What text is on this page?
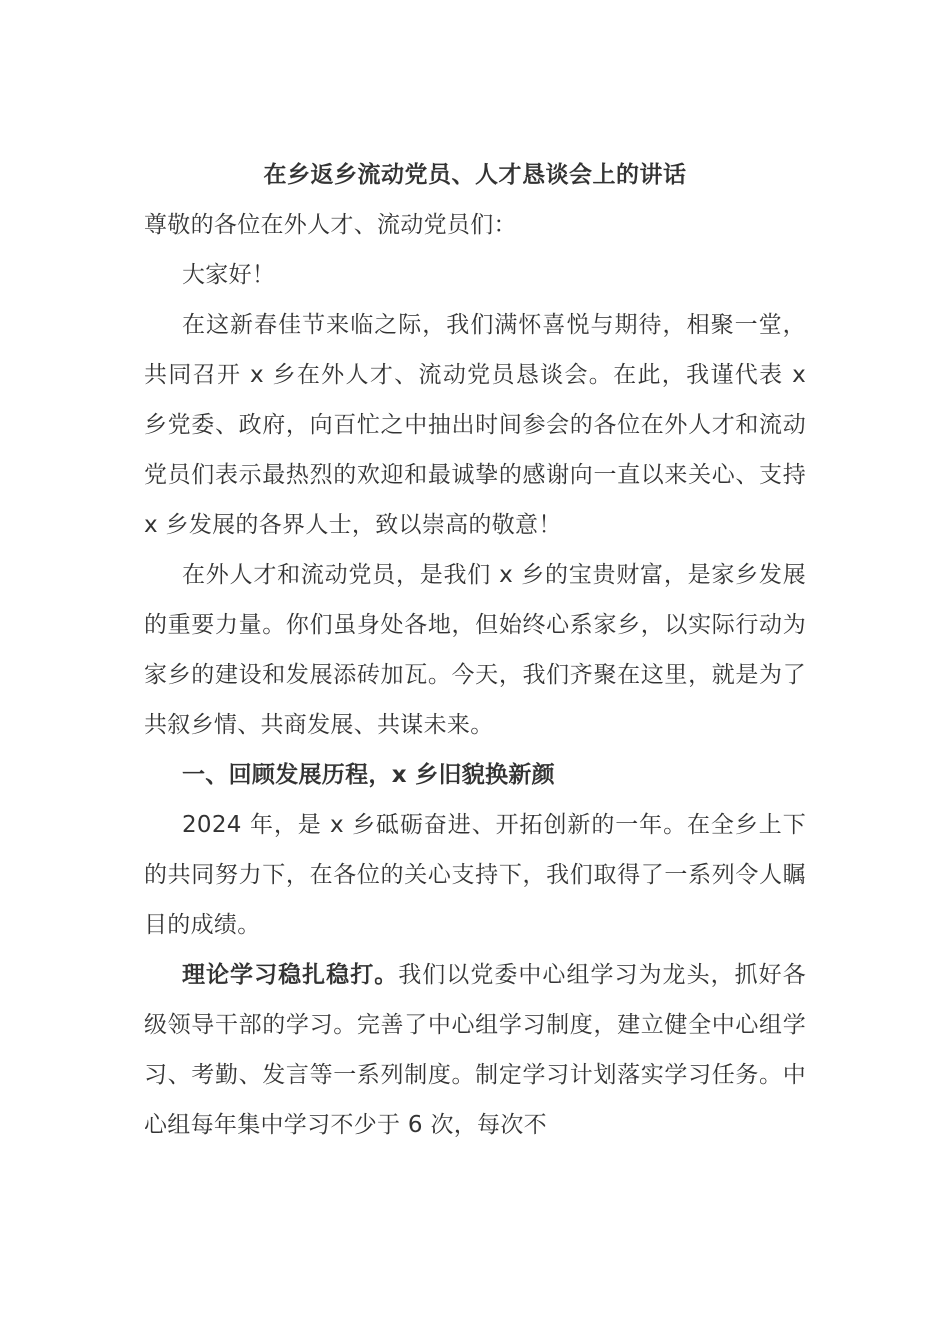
在乡返乡流动党员、人才恳谈会上的讲话

尊敬的各位在外人才、流动党员们：

大家好！

在这新春佳节来临之际，我们满怀喜悦与期待，相聚一堂，共同召开 x 乡在外人才、流动党员恳谈会。在此，我谨代表 x 乡党委、政府，向百忙之中抽出时间参会的各位在外人才和流动党员们表示最热烈的欢迎和最诚挚的感谢向一直以来关心、支持 x 乡发展的各界人士，致以崇高的敬意！

在外人才和流动党员，是我们 x 乡的宝贵财富，是家乡发展的重要力量。你们虽身处各地，但始终心系家乡，以实际行动为家乡的建设和发展添砖加瓦。今天，我们齐聚在这里，就是为了共叙乡情、共商发展、共谋未来。

一、回顾发展历程，x 乡旧貌换新颜

2024 年，是 x 乡砥砺奋进、开拓创新的一年。在全乡上下的共同努力下，在各位的关心支持下，我们取得了一系列令人瞩目的成绩。

理论学习稳扎稳打。我们以党委中心组学习为龙头，抓好各级领导干部的学习。完善了中心组学习制度，建立健全中心组学习、考勤、发言等一系列制度。制定学习计划落实学习任务。中心组每年集中学习不少于 6 次，每次不
